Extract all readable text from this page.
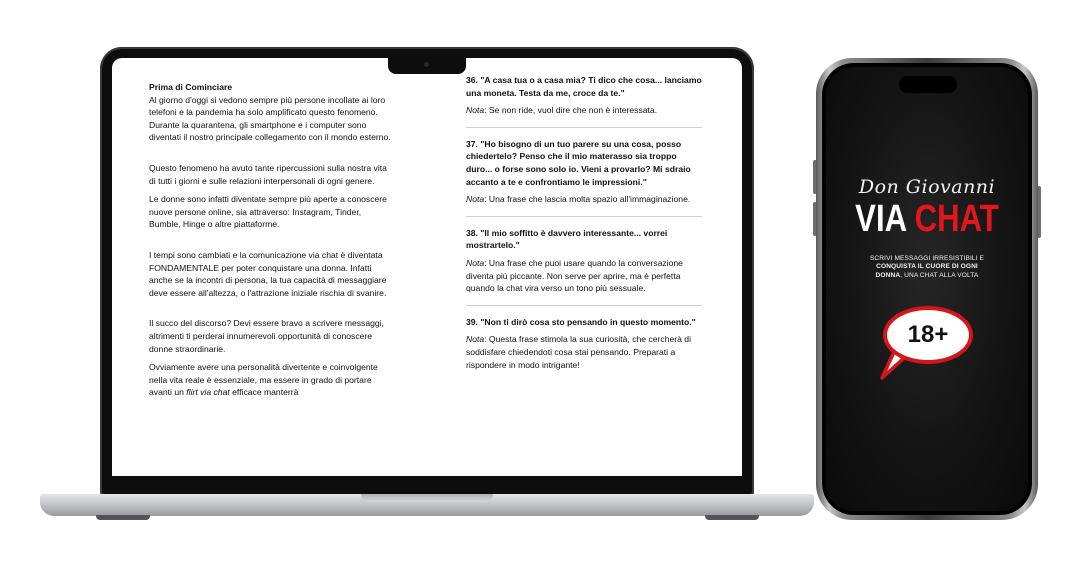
Prima di Cominciare

Al giorno d'oggi si vedono sempre più persone incollate ai loro telefoni e la pandemia ha solo amplificato questo fenomeno. Durante la quarantena, gli smartphone e i computer sono diventati il nostro principale collegamento con il mondo esterno.

Questo fenomeno ha avuto tante ripercussioni sulla nostra vita di tutti i giorni e sulle relazioni interpersonali di ogni genere.

Le donne sono infatti diventate sempre più aperte a conoscere nuove persone online, sia attraverso: Instagram, Tinder, Bumble, Hinge o altre piattaforme.

I tempi sono cambiati e la comunicazione via chat è diventata FONDAMENTALE per poter conquistare una donna. Infatti anche se la incontri di persona, la tua capacità di messaggiare deve essere all'altezza, o l'attrazione iniziale rischia di svanire.

Il succo del discorso? Devi essere bravo a scrivere messaggi, altrimenti ti perderai innumerevoli opportunità di conoscere donne straordinarie.

Ovviamente avere una personalità divertente e coinvolgente nella vita reale è essenziale, ma essere in grado di portare avanti un flirt via chat efficace manterrà

36. "A casa tua o a casa mia? Ti dico che cosa... lanciamo una moneta. Testa da me, croce da te."
Nota: Se non ride, vuol dire che non è interessata.
37. "Ho bisogno di un tuo parere su una cosa, posso chiedertelo? Penso che il mio materasso sia troppo duro... o forse sono solo io. Vieni a provarlo? Mi sdraio accanto a te e confrontiamo le impressioni."
Nota: Una frase che lascia molta spazio all'immaginazione.
38. "Il mio soffitto è davvero interessante... vorrei mostrartelo."
Nota: Una frase che puoi usare quando la conversazione diventa più piccante. Non serve per aprire, ma è perfetta quando la chat vira verso un tono più sessuale.
39. "Non ti dirò cosa sto pensando in questo momento."
Nota: Questa frase stimola la sua curiosità, che cercherà di soddisfare chiedendoti cosa stai pensando. Preparati a rispondere in modo intrigante!
Don Giovanni
VIA CHAT
SCRIVI MESSAGGI IRRESISTIBILI E
CONQUISTA IL CUORE DI OGNI
DONNA, UNA CHAT ALLA VOLTA
18+
